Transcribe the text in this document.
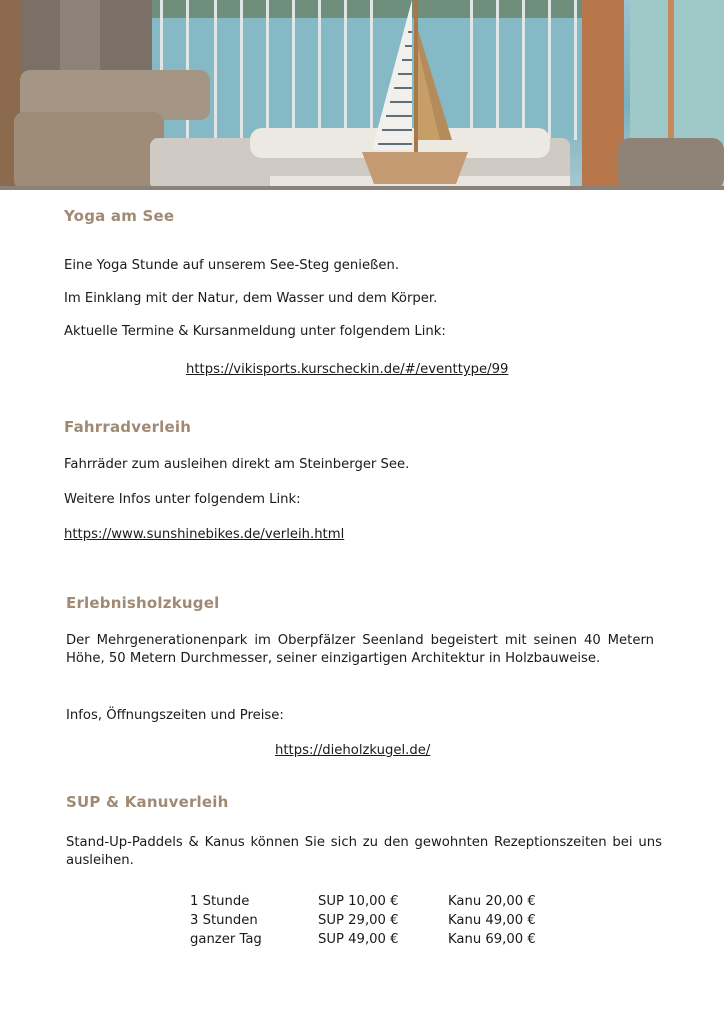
Yoga am See

Eine Yoga Stunde auf unserem See-Steg genießen.

Im Einklang mit der Natur, dem Wasser und dem Körper.

Aktuelle Termine & Kursanmeldung unter folgendem Link:

https://vikisports.kurscheckin.de/#/eventtype/99
Fahrradverleih

Fahrräder zum ausleihen direkt am Steinberger See.

Weitere Infos unter folgendem Link:

https://www.sunshinebikes.de/verleih.html
Erlebnisholzkugel

Der Mehrgenerationenpark im Oberpfälzer Seenland begeistert mit seinen 40 Metern Höhe, 50 Metern Durchmesser, seiner einzigartigen Architektur in Holzbauweise.

Infos, Öffnungszeiten und Preise:

https://dieholzkugel.de/
SUP & Kanuverleih

Stand-Up-Paddels & Kanus können Sie sich zu den gewohnten Rezeptionszeiten bei uns ausleihen.

1 Stunde	SUP 10,00 €	Kanu 20,00 €
3 Stunden	SUP 29,00 €	Kanu 49,00 €
ganzer Tag	SUP 49,00 €	Kanu 69,00 €
